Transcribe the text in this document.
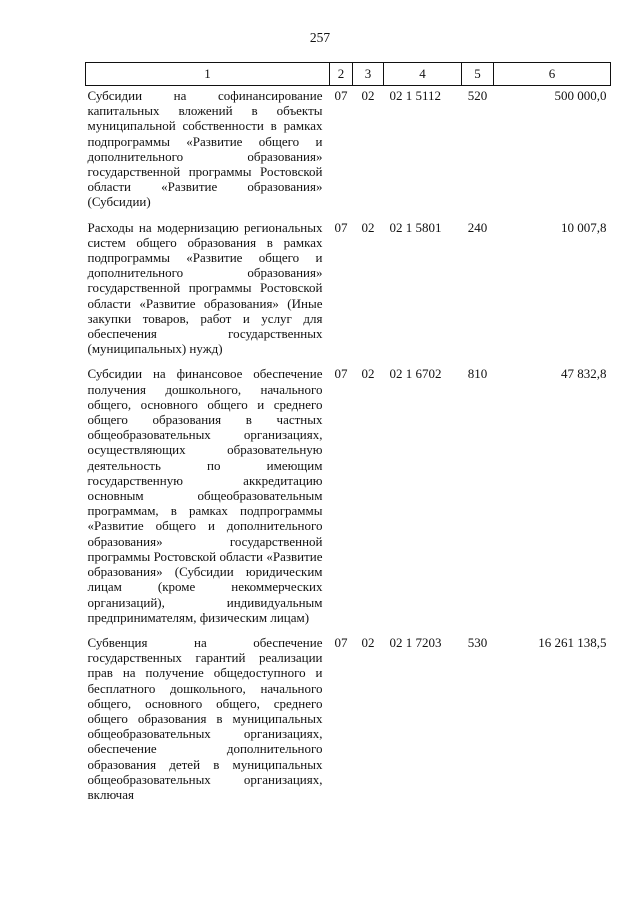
257
1	2	3	4	5	6
Субсидии на софинансирование капитальных вложений в объекты муниципальной собственности в рамках подпрограммы «Развитие общего и дополнительного образования» государственной программы Ростовской области «Развитие образования» (Субсидии)	07	02	02 1 5112	520	500 000,0
Расходы на модернизацию региональных систем общего образования в рамках подпрограммы «Развитие общего и дополнительного образования» государственной программы Ростовской области «Развитие образования» (Иные закупки товаров, работ и услуг для обеспечения государственных (муниципальных) нужд)	07	02	02 1 5801	240	10 007,8
Субсидии на финансовое обеспечение получения дошкольного, начального общего, основного общего и среднего общего образования в частных общеобразовательных организациях, осуществляющих образовательную деятельность по имеющим государственную аккредитацию основным общеобразовательным программам, в рамках подпрограммы «Развитие общего и дополнительного образования» государственной программы Ростовской области «Развитие образования» (Субсидии юридическим лицам (кроме некоммерческих организаций), индивидуальным предпринимателям, физическим лицам)	07	02	02 1 6702	810	47 832,8
Субвенция на обеспечение государственных гарантий реализации прав на получение общедоступного и бесплатного дошкольного, начального общего, основного общего, среднего общего образования в муниципальных общеобразовательных организациях, обеспечение дополнительного образования детей в муниципальных общеобразовательных организациях, включая	07	02	02 1 7203	530	16 261 138,5
